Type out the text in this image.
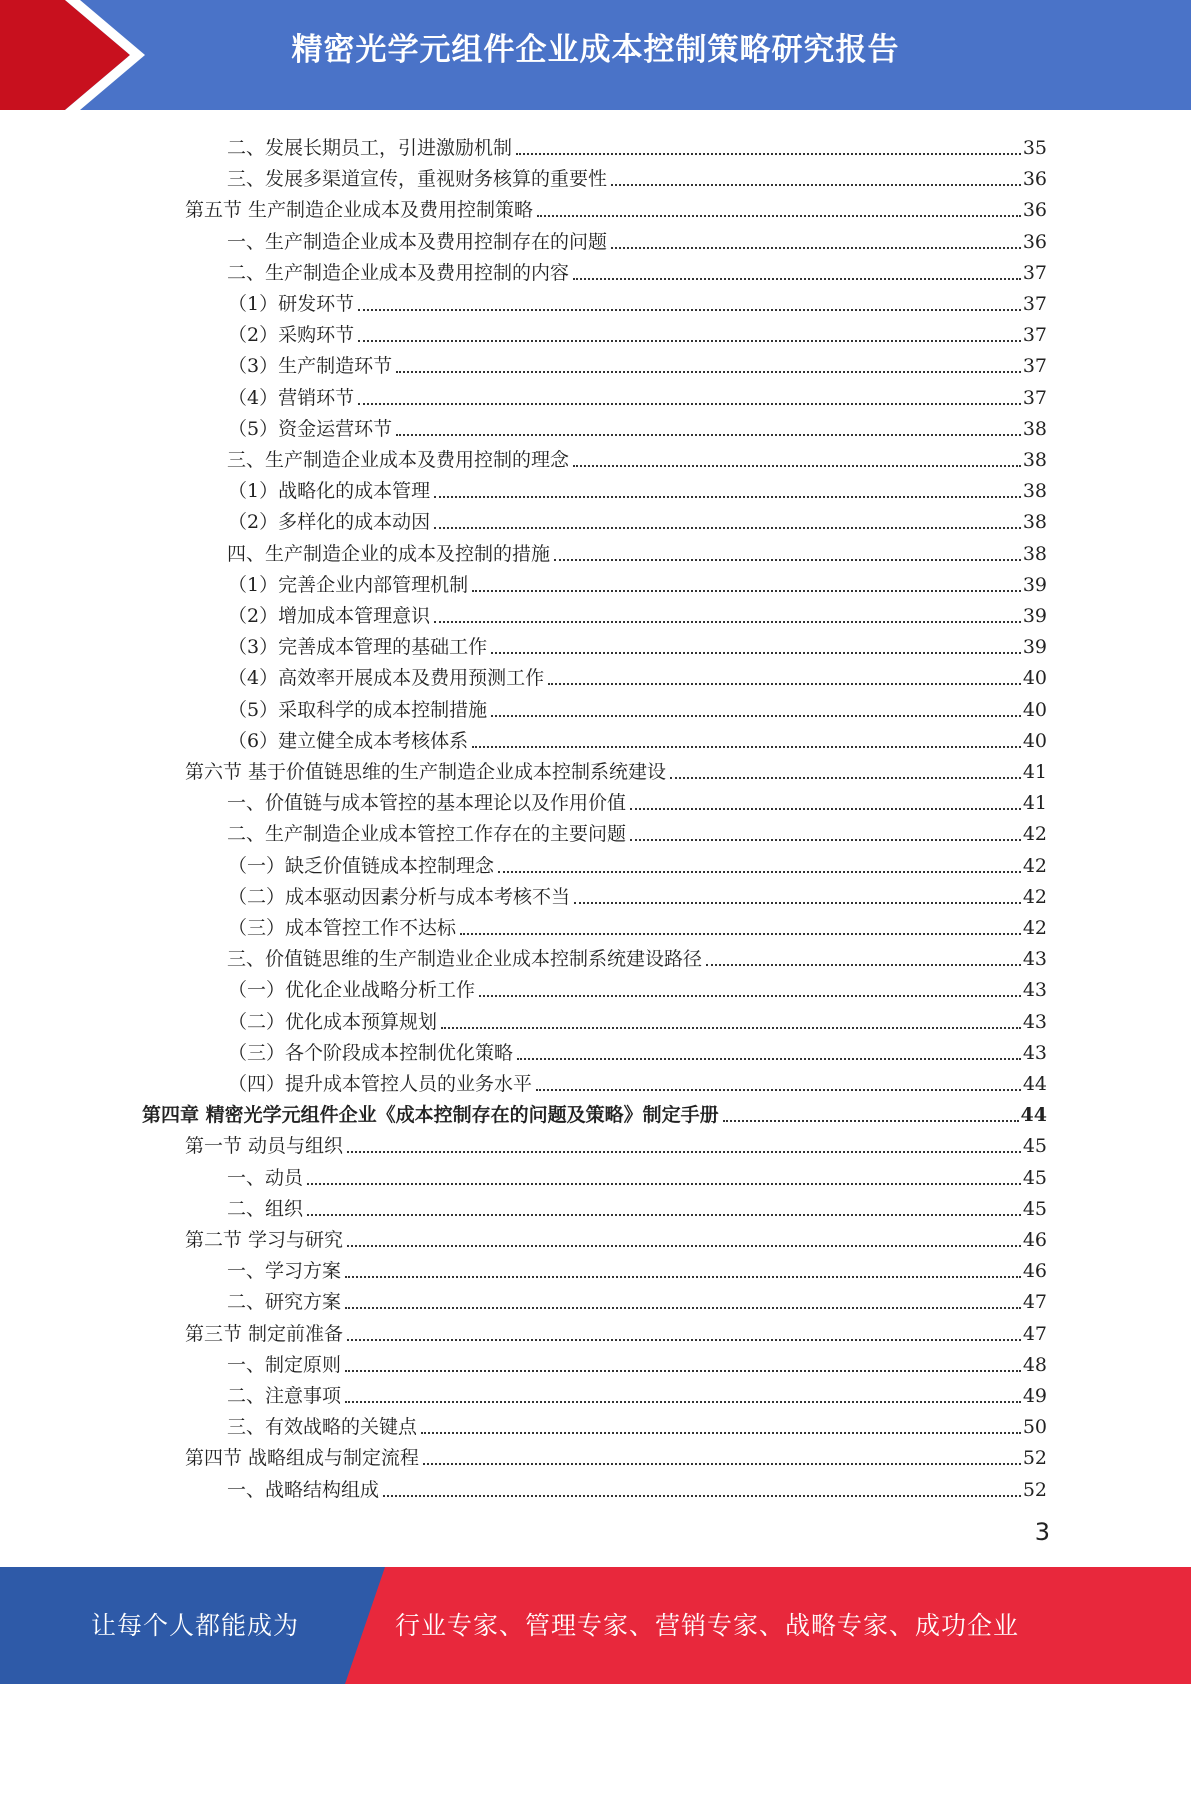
精密光学元组件企业成本控制策略研究报告
二、发展长期员工，引进激励机制	35
三、发展多渠道宣传，重视财务核算的重要性	36
第五节 生产制造企业成本及费用控制策略	36
一、生产制造企业成本及费用控制存在的问题	36
二、生产制造企业成本及费用控制的内容	37
（1）研发环节	37
（2）采购环节	37
（3）生产制造环节	37
（4）营销环节	37
（5）资金运营环节	38
三、生产制造企业成本及费用控制的理念	38
（1）战略化的成本管理	38
（2）多样化的成本动因	38
四、生产制造企业的成本及控制的措施	38
（1）完善企业内部管理机制	39
（2）增加成本管理意识	39
（3）完善成本管理的基础工作	39
（4）高效率开展成本及费用预测工作	40
（5）采取科学的成本控制措施	40
（6）建立健全成本考核体系	40
第六节 基于价值链思维的生产制造企业成本控制系统建设	41
一、价值链与成本管控的基本理论以及作用价值	41
二、生产制造企业成本管控工作存在的主要问题	42
（一）缺乏价值链成本控制理念	42
（二）成本驱动因素分析与成本考核不当	42
（三）成本管控工作不达标	42
三、价值链思维的生产制造业企业成本控制系统建设路径	43
（一）优化企业战略分析工作	43
（二）优化成本预算规划	43
（三）各个阶段成本控制优化策略	43
（四）提升成本管控人员的业务水平	44
第四章 精密光学元组件企业《成本控制存在的问题及策略》制定手册	44
第一节 动员与组织	45
一、动员	45
二、组织	45
第二节 学习与研究	46
一、学习方案	46
二、研究方案	47
第三节 制定前准备	47
一、制定原则	48
二、注意事项	49
三、有效战略的关键点	50
第四节 战略组成与制定流程	52
一、战略结构组成	52
3
让每个人都能成为	行业专家、管理专家、营销专家、战略专家、成功企业家……
